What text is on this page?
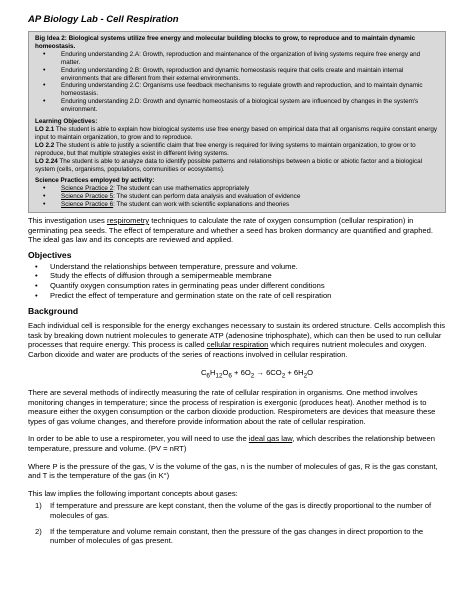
AP Biology Lab - Cell Respiration
Big Idea 2: Biological systems utilize free energy and molecular building blocks to grow, to reproduce and to maintain dynamic homeostasis.
• Enduring understanding 2.A: Growth, reproduction and maintenance of the organization of living systems require free energy and matter.
• Enduring understanding 2.B: Growth, reproduction and dynamic homeostasis require that cells create and maintain internal environments that are different from their external environments.
• Enduring understanding 2.C: Organisms use feedback mechanisms to regulate growth and reproduction, and to maintain dynamic homeostasis.
• Enduring understanding 2.D: Growth and dynamic homeostasis of a biological system are influenced by changes in the system's environment.
Learning Objectives:

LO 2.1 The student is able to explain how biological systems use free energy based on empirical data that all organisms require constant energy input to maintain organization, to grow and to reproduce.

LO 2.2 The student is able to justify a scientific claim that free energy is required for living systems to maintain organization, to grow or to reproduce, but that multiple strategies exist in different living systems.

LO 2.24 The student is able to analyze data to identify possible patterns and relationships between a biotic or abiotic factor and a biological system (cells, organisms, populations, communities or ecosystems).

Science Practices employed by activity:
• Science Practice 2: The student can use mathematics appropriately
• Science Practice 5: The student can perform data analysis and evaluation of evidence
• Science Practice 6: The student can work with scientific explanations and theories

This investigation uses respirometry techniques to calculate the rate of oxygen consumption (cellular respiration) in germinating pea seeds. The effect of temperature and whether a seed has broken dormancy are quantified and graphed. The ideal gas law and its concepts are reviewed and applied.

Objectives
• Understand the relationships between temperature, pressure and volume.
• Study the effects of diffusion through a semipermeable membrane
• Quantify oxygen consumption rates in germinating peas under different conditions
• Predict the effect of temperature and germination state on the rate of cell respiration
Background

Each individual cell is responsible for the energy exchanges necessary to sustain its ordered structure. Cells accomplish this task by breaking down nutrient molecules to generate ATP (adenosine triphosphate), which can then be used to run cellular processes that require energy. This process is called cellular respiration which requires nutrient molecules and oxygen. Carbon dioxide and water are products of the series of reactions involved in cellular respiration.

$C_6H_{12}O_6 + 6O_2 \to 6CO_2 + 6H_2O$

There are several methods of indirectly measuring the rate of cellular respiration in organisms. One method involves monitoring changes in temperature; since the process of respiration is exergonic (produces heat). Another method is to measure either the oxygen consumption or the carbon dioxide production. Respirometers are devices that measure these types of gas volume changes, and therefore provide information about the rate of cellular respiration.

In order to be able to use a respirometer, you will need to use the ideal gas law, which describes the relationship between temperature, pressure and volume. (PV = nRT)

Where P is the pressure of the gas, V is the volume of the gas, n is the number of molecules of gas, R is the gas constant, and T is the temperature of the gas (in K°)

This law implies the following important concepts about gases:

1) If temperature and pressure are kept constant, then the volume of the gas is directly proportional to the number of molecules of gas.
2) If the temperature and volume remain constant, then the pressure of the gas changes in direct proportion to the number of molecules of gas present.
